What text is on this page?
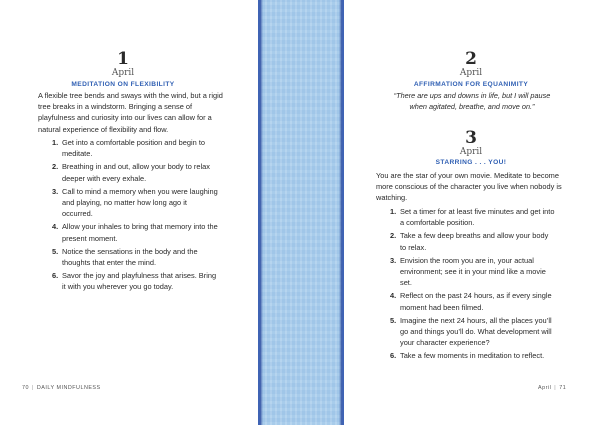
1
April
MEDITATION ON FLEXIBILITY
A flexible tree bends and sways with the wind, but a rigid tree breaks in a windstorm. Bringing a sense of playfulness and curiosity into our lives can allow for a natural experience of flexibility and flow.
1. Get into a comfortable position and begin to meditate.
2. Breathing in and out, allow your body to relax deeper with every exhale.
3. Call to mind a memory when you were laughing and playing, no matter how long ago it occurred.
4. Allow your inhales to bring that memory into the present moment.
5. Notice the sensations in the body and the thoughts that enter the mind.
6. Savor the joy and playfulness that arises. Bring it with you wherever you go today.
70 | DAILY MINDFULNESS
2
April
AFFIRMATION FOR EQUANIMITY
“There are ups and downs in life, but I will pause when agitated, breathe, and move on.”
3
April
STARRING . . . YOU!
You are the star of your own movie. Meditate to become more conscious of the character you live when nobody is watching.
1. Set a timer for at least five minutes and get into a comfortable position.
2. Take a few deep breaths and allow your body to relax.
3. Envision the room you are in, your actual environment; see it in your mind like a movie set.
4. Reflect on the past 24 hours, as if every single moment had been filmed.
5. Imagine the next 24 hours, all the places you’ll go and things you’ll do. What development will your character experience?
6. Take a few moments in meditation to reflect.
April | 71
